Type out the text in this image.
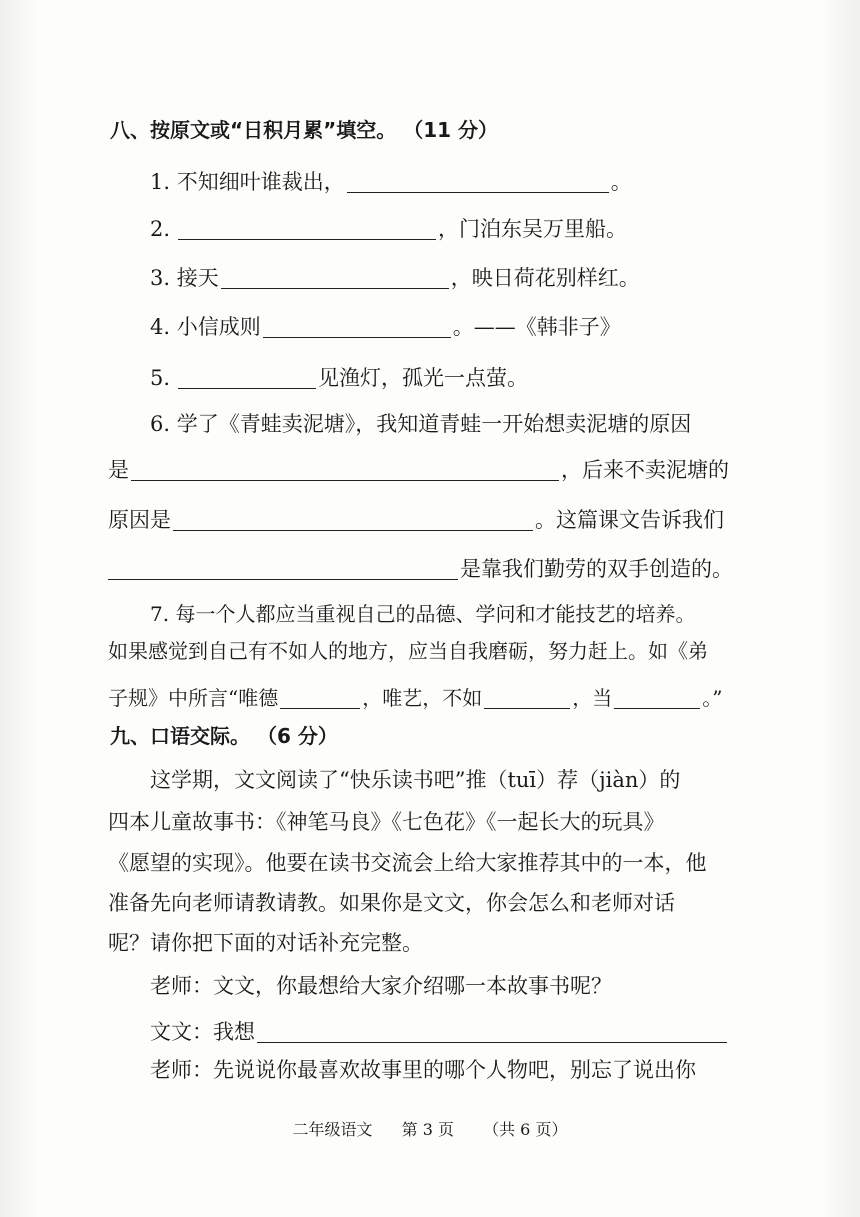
八、按原文或“日积月累”填空。 （11 分）
1. 不知细叶谁裁出，	。
2.	，门泊东吴万里船。
3. 接天	，映日荷花别样红。
4. 小信成则	。——《韩非子》
5.	见渔灯，孤光一点萤。
6. 学了《青蛙卖泥塘》，我知道青蛙一开始想卖泥塘的原因
是	，后来不卖泥塘的
原因是	。这篇课文告诉我们
是靠我们勤劳的双手创造的。
7. 每一个人都应当重视自己的品德、学问和才能技艺的培养。
如果感觉到自己有不如人的地方，应当自我磨砺，努力赶上。如《弟
子规》中所言“唯德	，唯艺，不如	，当	。”
九、口语交际。 （6 分）
这学期，文文阅读了“快乐读书吧”推（tuī）荐（jiàn）的
四本儿童故事书：《神笔马良》《七色花》《一起长大的玩具》
《愿望的实现》。他要在读书交流会上给大家推荐其中的一本，他
准备先向老师请教请教。如果你是文文，你会怎么和老师对话
呢？请你把下面的对话补充完整。
老师：文文，你最想给大家介绍哪一本故事书呢？
文文：我想
老师：先说说你最喜欢故事里的哪个人物吧，别忘了说出你
二年级语文 第 3 页 （共 6 页）
